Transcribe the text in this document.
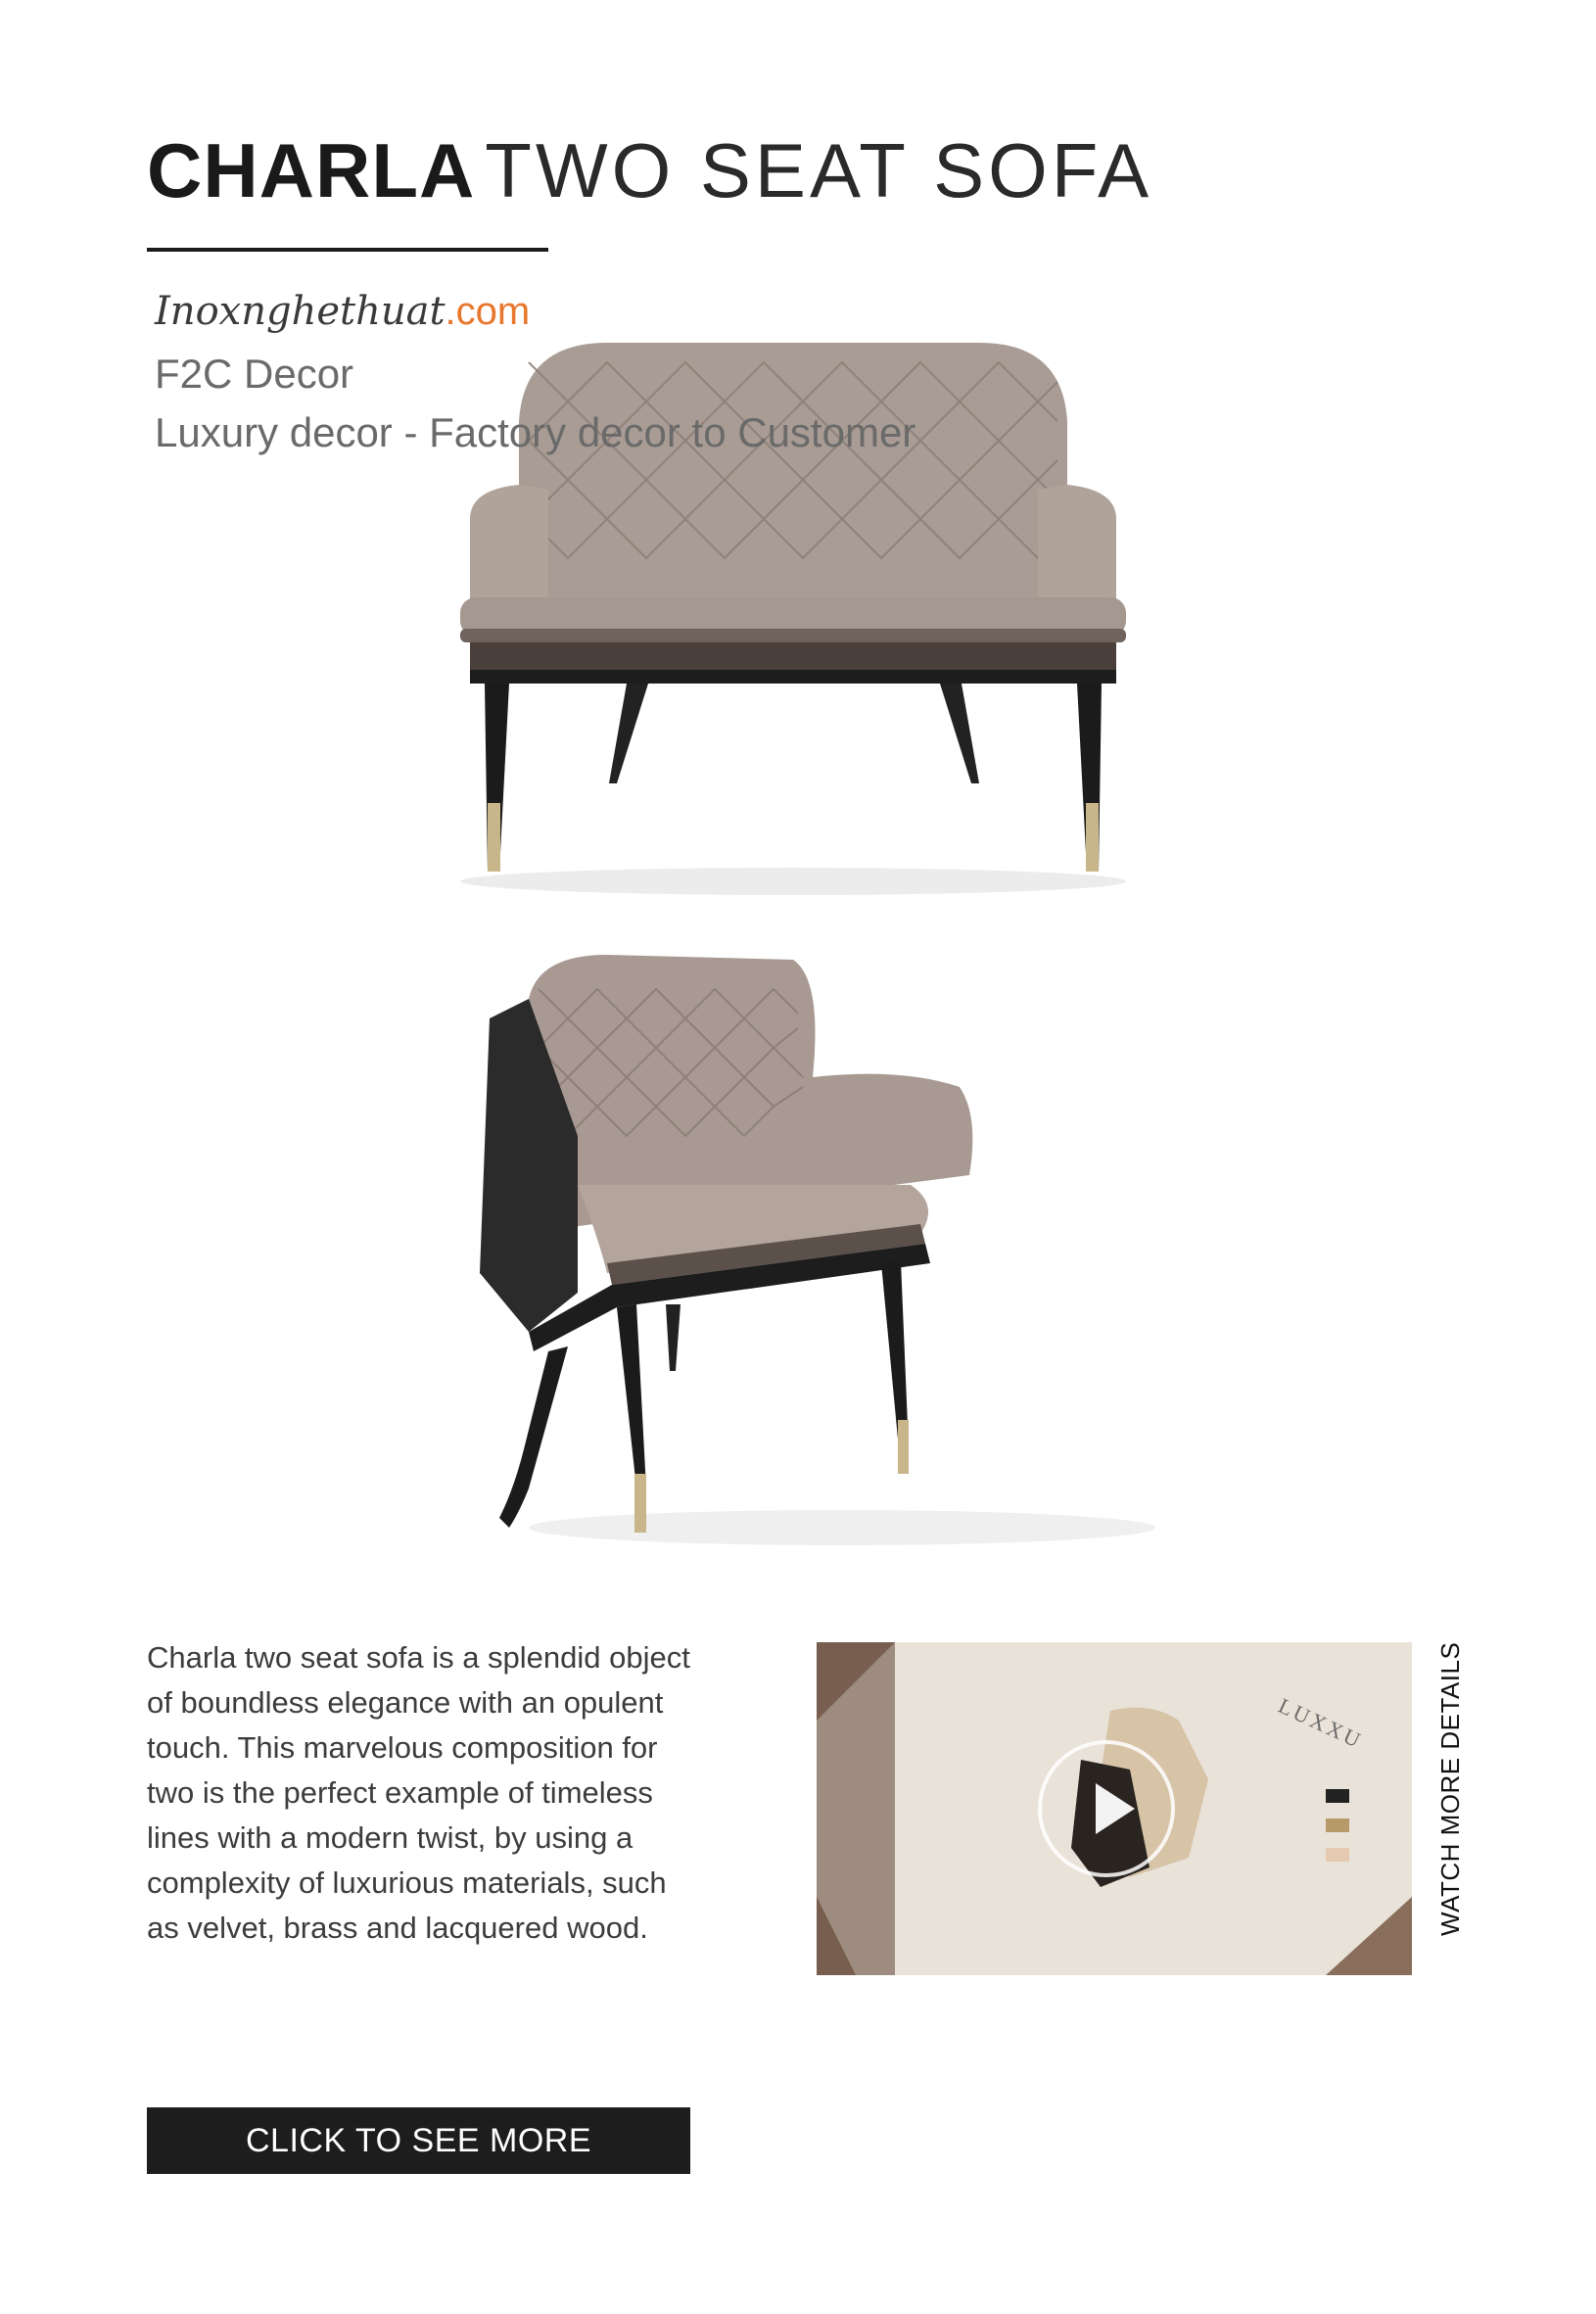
CHARLA TWO SEAT SOFA
Inoxnghethuat.com
F2C Decor
Luxury decor - Factory decor to Customer

Charla two seat sofa is a splendid object of boundless elegance with an opulent touch. This marvelous composition for two is the perfect example of timeless lines with a modern twist, by using a complexity of luxurious materials, such as velvet, brass and lacquered wood.

LUXXU	WATCH MORE DETAILS
CLICK TO SEE MORE
